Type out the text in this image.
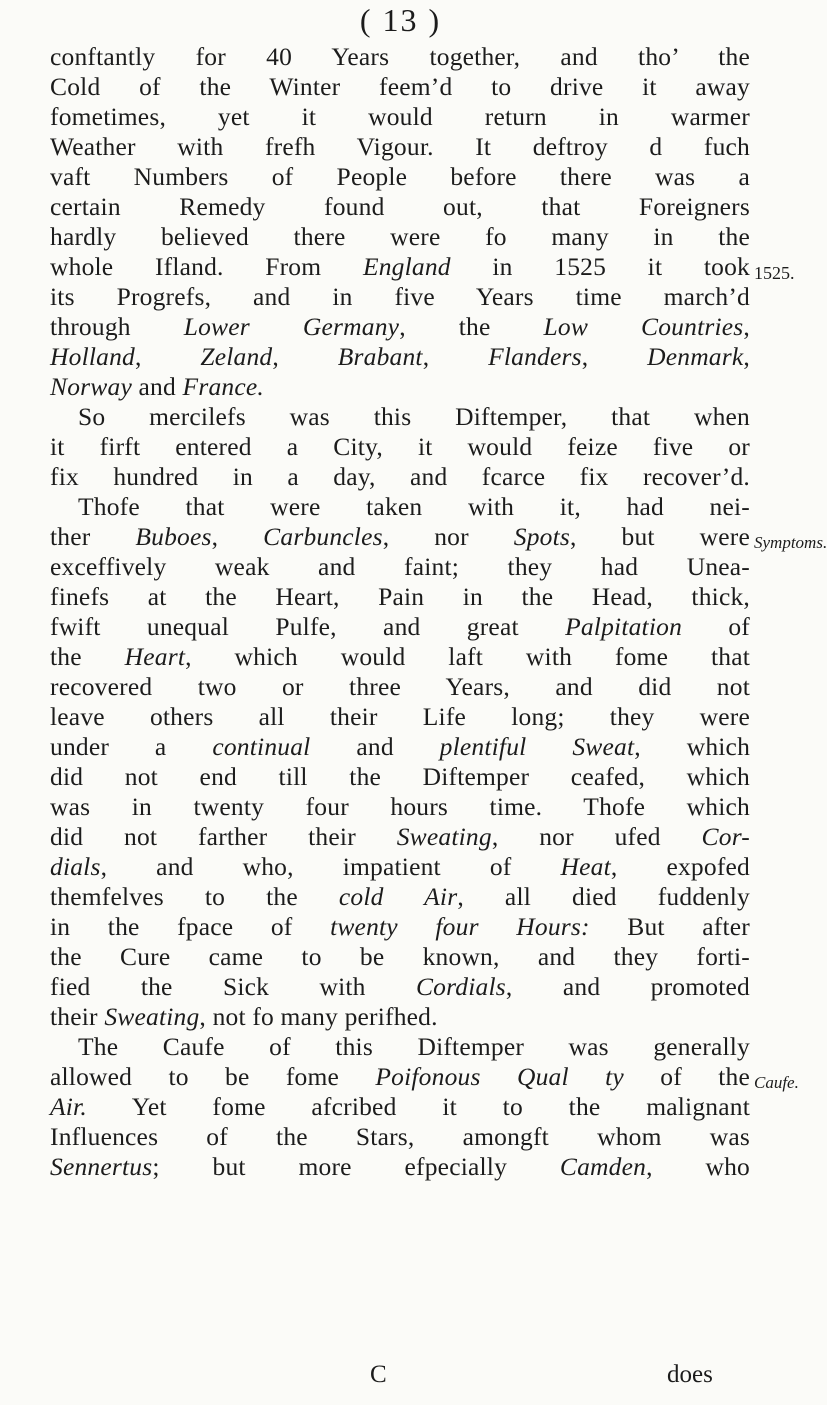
( 13 )
conftantly for 40 Years together, and tho’ the
Cold of the Winter feem’d to drive it away
fometimes, yet it would return in warmer
Weather with frefh Vigour. It deftroy d fuch
vaft Numbers of People before there was a
certain Remedy found out, that Foreigners
hardly believed there were fo many in the
whole Ifland. From England in 1525 it took
its Progrefs, and in five Years time march’d
through Lower Germany, the Low Countries,
Holland, Zeland, Brabant, Flanders, Denmark,
Norway and France.
So mercilefs was this Diftemper, that when
it firft entered a City, it would feize five or
fix hundred in a day, and fcarce fix recover’d.
Thofe that were taken with it, had nei-
ther Buboes, Carbuncles, nor Spots, but were
exceffively weak and faint; they had Unea-
finefs at the Heart, Pain in the Head, thick,
fwift unequal Pulfe, and great Palpitation of
the Heart, which would laft with fome that
recovered two or three Years, and did not
leave others all their Life long; they were
under a continual and plentiful Sweat, which
did not end till the Diftemper ceafed, which
was in twenty four hours time. Thofe which
did not farther their Sweating, nor ufed Cor-
dials, and who, impatient of Heat, expofed
themfelves to the cold Air, all died fuddenly
in the fpace of twenty four Hours: But after
the Cure came to be known, and they forti-
fied the Sick with Cordials, and promoted
their Sweating, not fo many perifhed.
The Caufe of this Diftemper was generally
allowed to be fome Poifonous Qual ty of the
Air. Yet fome afcribed it to the malignant
Influences of the Stars, amongft whom was
Sennertus; but more efpecially Camden, who
1525.
Symptoms.
Caufe.
C	does
